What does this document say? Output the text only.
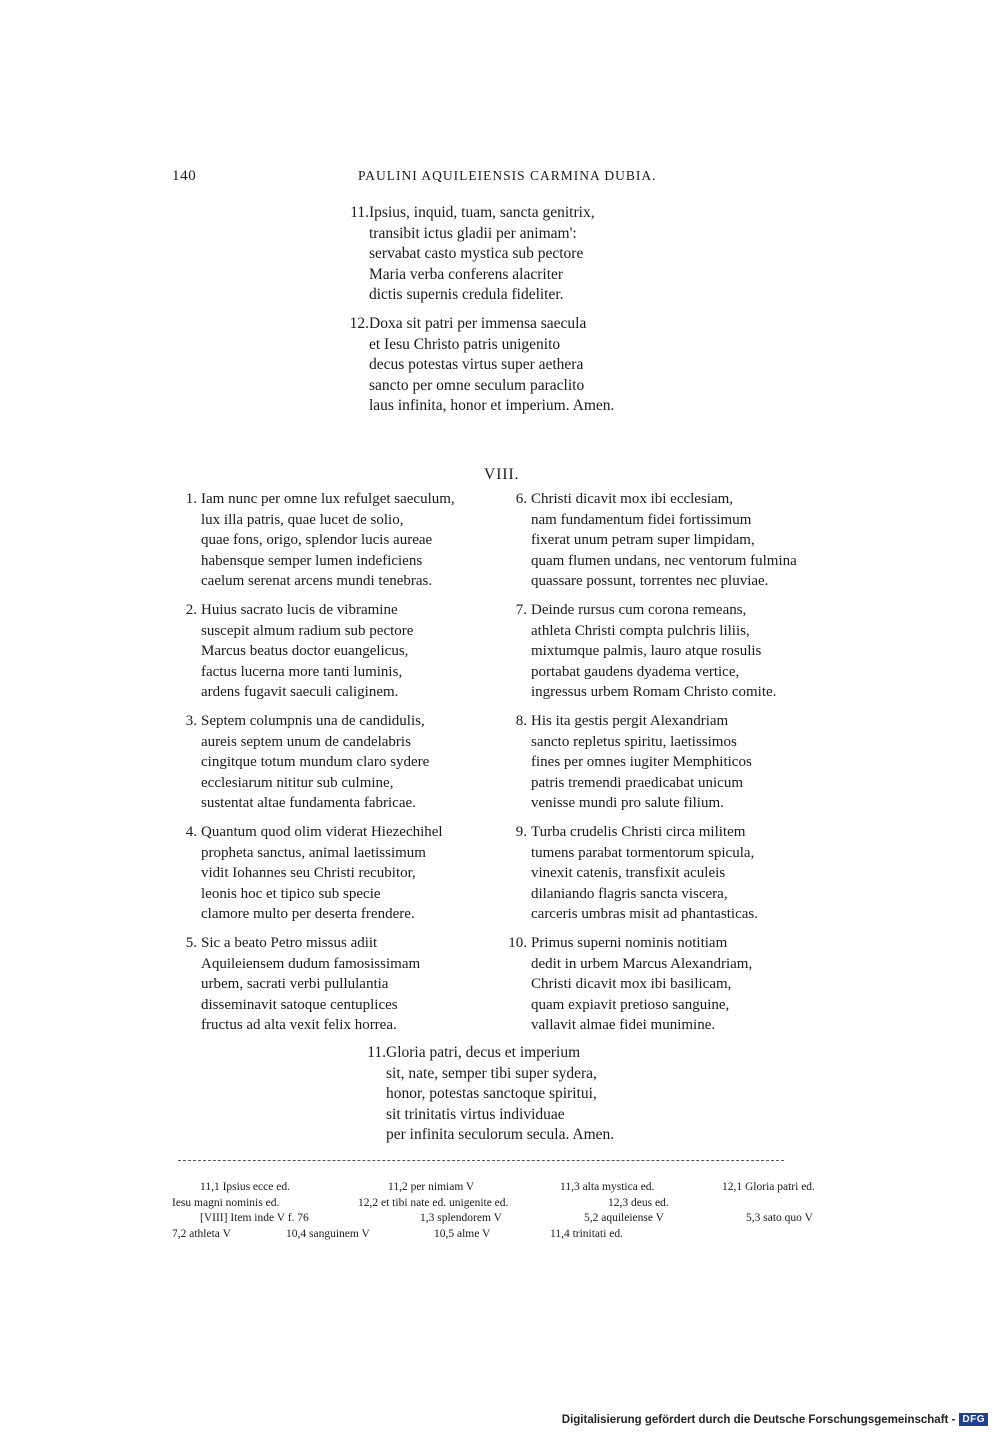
140	PAULINI AQUILEIENSIS CARMINA DUBIA.
11.Ipsius, inquid, tuam, sancta genitrix,
transibit ictus gladii per animam':
servabat casto mystica sub pectore
Maria verba conferens alacriter
dictis supernis credula fideliter.
12.Doxa sit patri per immensa saecula
et Iesu Christo patris unigenito
decus potestas virtus super aethera
sancto per omne seculum paraclito
laus infinita, honor et imperium. Amen.
VIII.
1. Iam nunc per omne lux refulget saeculum,
lux illa patris, quae lucet de solio,
quae fons, origo, splendor lucis aureae
habensque semper lumen indeficiens
caelum serenat arcens mundi tenebras.
2. Huius sacrato lucis de vibramine
suscepit almum radium sub pectore
Marcus beatus doctor euangelicus,
factus lucerna more tanti luminis,
ardens fugavit saeculi caliginem.
3. Septem columpnis una de candidulis,
aureis septem unum de candelabris
cingitque totum mundum claro sydere
ecclesiarum nititur sub culmine,
sustentat altae fundamenta fabricae.
4. Quantum quod olim viderat Hiezechihel
propheta sanctus, animal laetissimum
vidit Iohannes seu Christi recubitor,
leonis hoc et tipico sub specie
clamore multo per deserta frendere.
5. Sic a beato Petro missus adiit
Aquileiensem dudum famosissimam
urbem, sacrati verbi pullulantia
disseminavit satoque centuplices
fructus ad alta vexit felix horrea.
6. Christi dicavit mox ibi ecclesiam,
nam fundamentum fidei fortissimum
fixerat unum petram super limpidam,
quam flumen undans, nec ventorum fulmina
quassare possunt, torrentes nec pluviae.
7. Deinde rursus cum corona remeans,
athleta Christi compta pulchris liliis,
mixtumque palmis, lauro atque rosulis
portabat gaudens dyadema vertice,
ingressus urbem Romam Christo comite.
8. His ita gestis pergit Alexandriam
sancto repletus spiritu, laetissimos
fines per omnes iugiter Memphiticos
patris tremendi praedicabat unicum
venisse mundi pro salute filium.
9. Turba crudelis Christi circa militem
tumens parabat tormentorum spicula,
vinexit catenis, transfixit aculeis
dilaniando flagris sancta viscera,
carceris umbras misit ad phantasticas.
10. Primus superni nominis notitiam
dedit in urbem Marcus Alexandriam,
Christi dicavit mox ibi basilicam,
quam expiavit pretioso sanguine,
vallavit almae fidei munimine.
11.Gloria patri, decus et imperium
sit, nate, semper tibi super sydera,
honor, potestas sanctoque spiritui,
sit trinitatis virtus individuae
per infinita seculorum secula. Amen.
11,1 Ipsius ecce ed.	11,2 per nimiam V	11,3 alta mystica ed.	12,1 Gloria patri ed.
Iesu magni nominis ed.	12,2 et tibi nate ed. unigenite ed.	12,3 deus ed.
[VIII] Item inde V f. 76	1,3 splendorem V	5,2 aquileiense V	5,3 sato quo V
7,2 athleta V	10,4 sanguinem V	10,5 alme V	11,4 trinitati ed.
Digitalisierung gefördert durch die Deutsche Forschungsgemeinschaft - DFG
